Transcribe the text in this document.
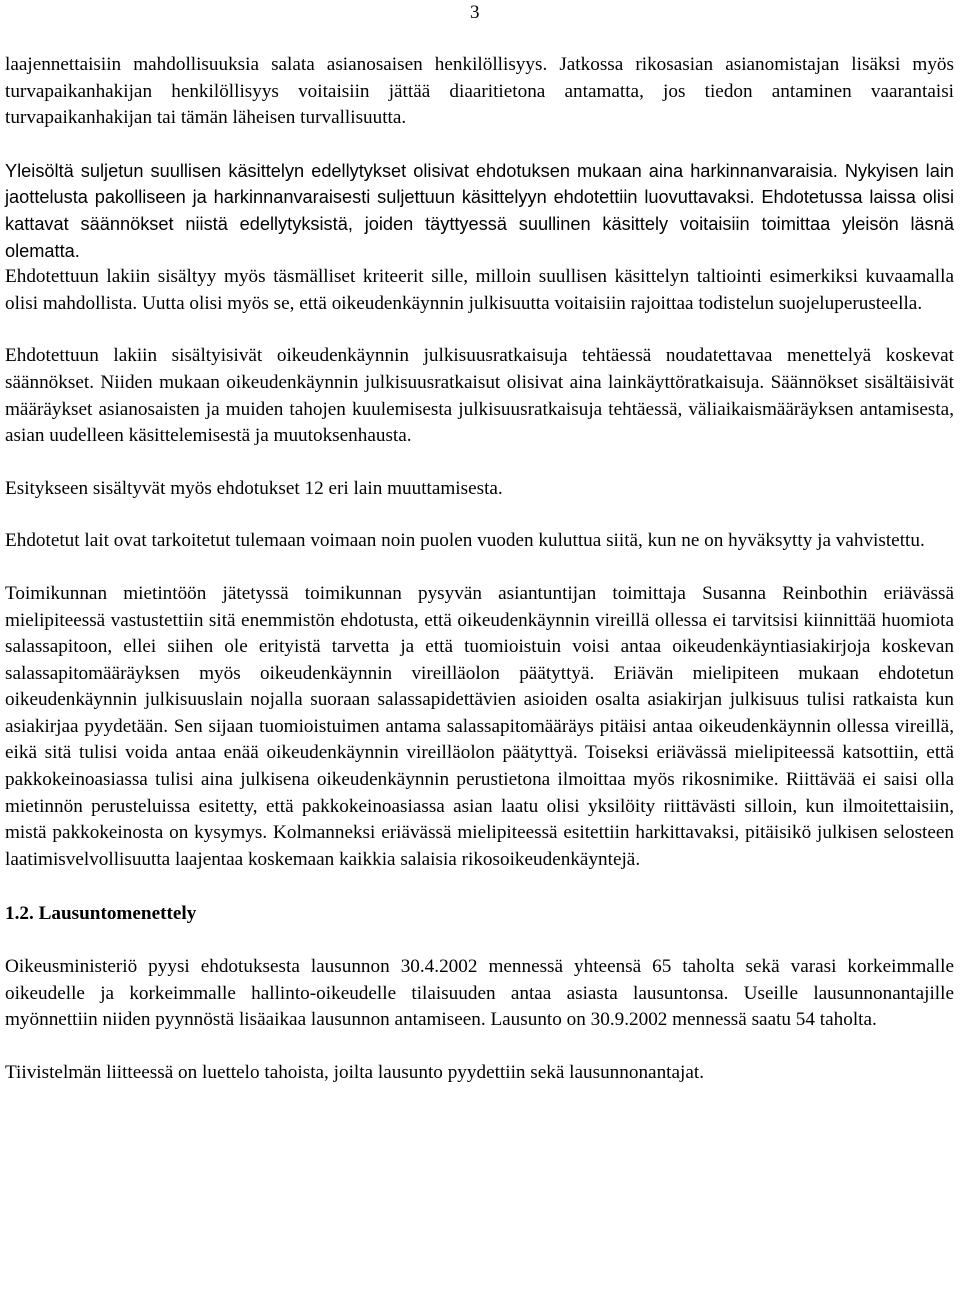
3

laajennettaisiin mahdollisuuksia salata asianosaisen henkilöllisyys. Jatkossa rikosasian asianomistajan lisäksi myös turvapaikanhakijan henkilöllisyys voitaisiin jättää diaaritietona antamatta, jos tiedon antaminen vaarantaisi turvapaikanhakijan tai tämän läheisen turvallisuutta.

Yleisöltä suljetun suullisen käsittelyn edellytykset olisivat ehdotuksen mukaan aina harkinnanvaraisia. Nykyisen lain jaottelusta pakolliseen ja harkinnanvaraisesti suljettuun käsittelyyn ehdotettiin luovuttavaksi. Ehdotetussa laissa olisi kattavat säännökset niistä edellytyksistä, joiden täyttyessä suullinen käsittely voitaisiin toimittaa yleisön läsnä olematta.

Ehdotettuun lakiin sisältyy myös täsmälliset kriteerit sille, milloin suullisen käsittelyn taltiointi esimerkiksi kuvaamalla olisi mahdollista. Uutta olisi myös se, että oikeudenkäynnin julkisuutta voitaisiin rajoittaa todistelun suojeluperusteella.

Ehdotettuun lakiin sisältyisivät oikeudenkäynnin julkisuusratkaisuja tehtäessä noudatettavaa menettelyä koskevat säännökset. Niiden mukaan oikeudenkäynnin julkisuusratkaisut olisivat aina lainkäyttöratkaisuja. Säännökset sisältäisivät määräykset asianosaisten ja muiden tahojen kuulemisesta julkisuusratkaisuja tehtäessä, väliaikaismääräyksen antamisesta, asian uudelleen käsittelemisestä ja muutoksenhausta.

Esitykseen sisältyvät myös ehdotukset 12 eri lain muuttamisesta.

Ehdotetut lait ovat tarkoitetut tulemaan voimaan noin puolen vuoden kuluttua siitä, kun ne on hyväksytty ja vahvistettu.

Toimikunnan mietintöön jätetyssä toimikunnan pysyvän asiantuntijan toimittaja Susanna Reinbothin eriävässä mielipiteessä vastustettiin sitä enemmistön ehdotusta, että oikeudenkäynnin vireillä ollessa ei tarvitsisi kiinnittää huomiota salassapitoon, ellei siihen ole erityistä tarvetta ja että tuomioistuin voisi antaa oikeudenkäyntiasiakirjoja koskevan salassapitomääräyksen myös oikeudenkäynnin vireilläolon päätyttyä. Eriävän mielipiteen mukaan ehdotetun oikeudenkäynnin julkisuuslain nojalla suoraan salassapidettävien asioiden osalta asiakirjan julkisuus tulisi ratkaista kun asiakirjaa pyydetään. Sen sijaan tuomioistuimen antama salassapitomääräys pitäisi antaa oikeudenkäynnin ollessa vireillä, eikä sitä tulisi voida antaa enää oikeudenkäynnin vireilläolon päätyttyä. Toiseksi eriävässä mielipiteessä katsottiin, että pakkokeinoasiassa tulisi aina julkisena oikeudenkäynnin perustietona ilmoittaa myös rikosnimike. Riittävää ei saisi olla mietinnön perusteluissa esitetty, että pakkokeinoasiassa asian laatu olisi yksilöity riittävästi silloin, kun ilmoitettaisiin, mistä pakkokeinosta on kysymys. Kolmanneksi eriävässä mielipiteessä esitettiin harkittavaksi, pitäisikö julkisen selosteen laatimisvelvollisuutta laajentaa koskemaan kaikkia salaisia rikosoikeudenkäyntejä.

1.2. Lausuntomenettely

Oikeusministeriö pyysi ehdotuksesta lausunnon 30.4.2002 mennessä yhteensä 65 taholta sekä varasi korkeimmalle oikeudelle ja korkeimmalle hallinto-oikeudelle tilaisuuden antaa asiasta lausuntonsa. Useille lausunnonantajille myönnettiin niiden pyynnöstä lisäaikaa lausunnon antamiseen. Lausunto on 30.9.2002 mennessä saatu 54 taholta.

Tiivistelmän liitteessä on luettelo tahoista, joilta lausunto pyydettiin sekä lausunnonantajat.
